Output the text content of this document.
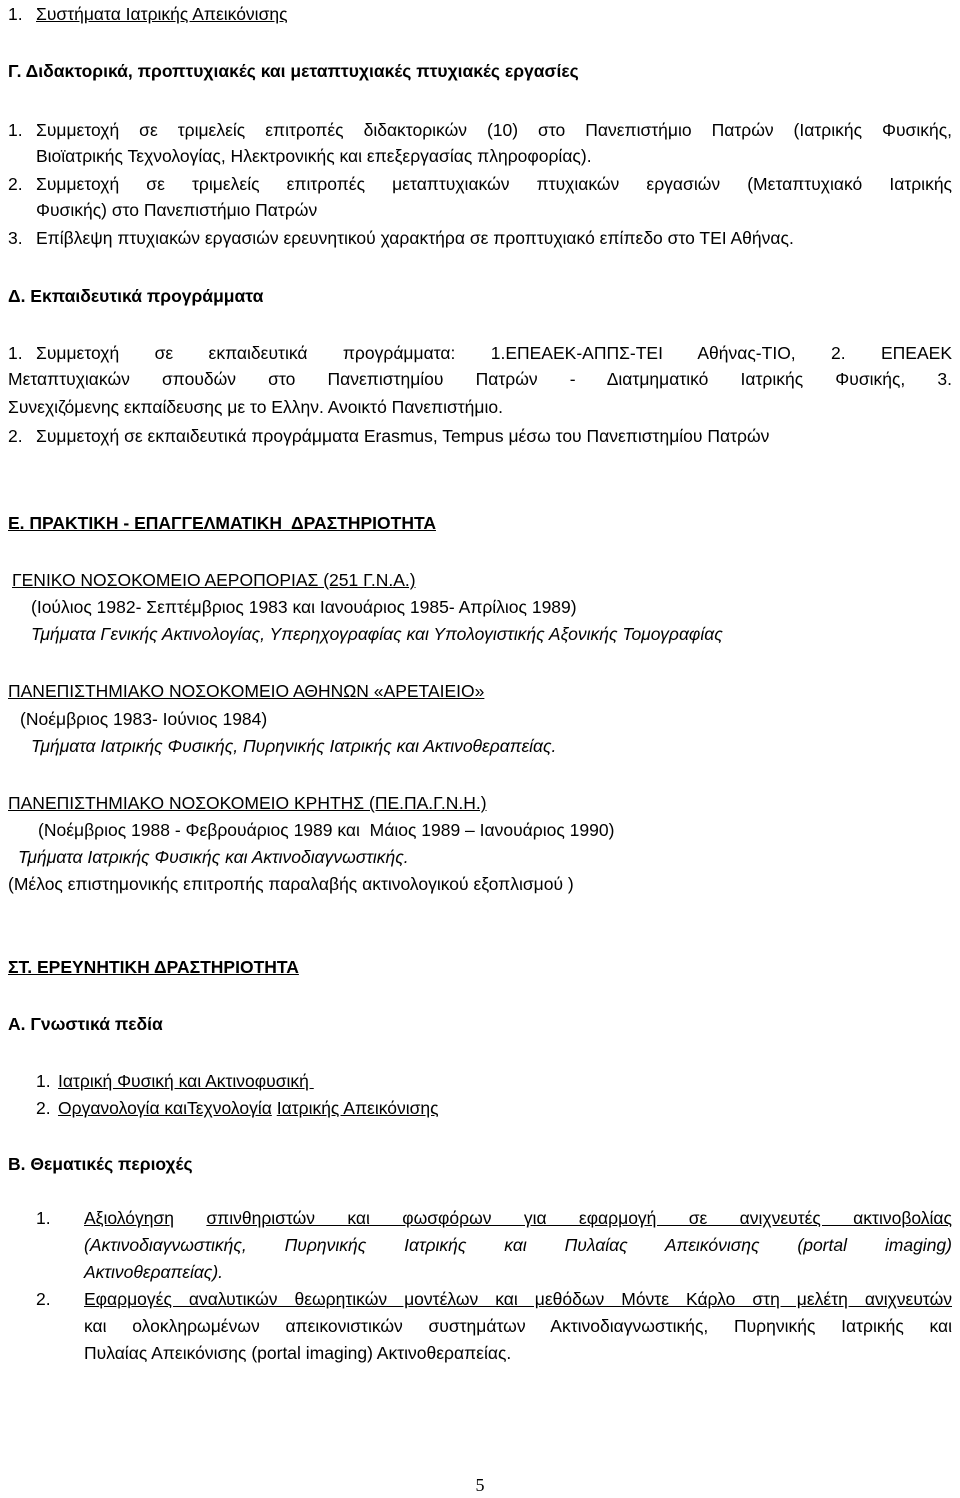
1. Συστήματα Ιατρικής Απεικόνισης
Γ. Διδακτορικά, προπτυχιακές και μεταπτυχιακές πτυχιακές εργασίες
1. Συμμετοχή σε τριμελείς επιτροπές διδακτορικών (10) στο Πανεπιστήμιο Πατρών (Ιατρικής Φυσικής,
Βιοϊατρικής Τεχνολογίας, Ηλεκτρονικής και επεξεργασίας πληροφορίας).
2. Συμμετοχή σε τριμελείς επιτροπές μεταπτυχιακών πτυχιακών εργασιών (Μεταπτυχιακό Ιατρικής
Φυσικής) στο Πανεπιστήμιο Πατρών
3. Επίβλεψη πτυχιακών εργασιών ερευνητικού χαρακτήρα σε προπτυχιακό επίπεδο στο ΤΕΙ Αθήνας.
Δ. Εκπαιδευτικά προγράμματα
1. Συμμετοχή σε εκπαιδευτικά προγράμματα: 1.ΕΠΕΑΕΚ-ΑΠΠΣ-ΤΕΙ Αθήνας-ΤΙΟ, 2. ΕΠΕΑΕΚ
Μεταπτυχιακών σπουδών στο Πανεπιστημίου Πατρών - Διατμηματικό Ιατρικής Φυσικής, 3.
Συνεχιζόμενης εκπαίδευσης με το Ελλην. Ανοικτό Πανεπιστήμιο.
2. Συμμετοχή σε εκπαιδευτικά προγράμματα Erasmus, Tempus μέσω του Πανεπιστημίου Πατρών
Ε. ΠΡΑΚΤΙΚΗ - ΕΠΑΓΓΕΛΜΑΤΙΚΗ  ΔΡΑΣΤΗΡΙΟΤΗΤΑ
ΓΕΝΙΚΟ ΝΟΣΟΚΟΜΕΙΟ ΑΕΡΟΠΟΡΙΑΣ (251 Γ.Ν.Α.)
(Ιούλιος 1982- Σεπτέμβριος 1983 και Ιανουάριος 1985- Απρίλιος 1989)
Τμήματα Γενικής Ακτινολογίας, Υπερηχογραφίας και Υπολογιστικής Αξονικής Τομογραφίας
ΠΑΝΕΠΙΣΤΗΜΙΑΚΟ ΝΟΣΟΚΟΜΕΙΟ ΑΘΗΝΩΝ «ΑΡΕΤΑΙΕΙΟ»
(Νοέμβριος 1983- Ιούνιος 1984)
Τμήματα Ιατρικής Φυσικής, Πυρηνικής Ιατρικής και Ακτινοθεραπείας.
ΠΑΝΕΠΙΣΤΗΜΙΑΚΟ ΝΟΣΟΚΟΜΕΙΟ ΚΡΗΤΗΣ (ΠΕ.ΠΑ.Γ.Ν.Η.)
(Νοέμβριος 1988 - Φεβρουάριος 1989 και  Μάιος 1989 – Ιανουάριος 1990)
Τμήματα Ιατρικής Φυσικής και Ακτινοδιαγνωστικής.
(Μέλος επιστημονικής επιτροπής παραλαβής ακτινολογικού εξοπλισμού )
ΣΤ. ΕΡΕΥΝΗΤΙΚΗ ΔΡΑΣΤΗΡΙΟΤΗΤΑ
Α. Γνωστικά πεδία
1. Ιατρική Φυσική και Ακτινοφυσική
2. Οργανολογία καιΤεχνολογία Ιατρικής Απεικόνισης
Β. Θεματικές περιοχές
1. Αξιολόγηση σπινθηριστών και φωσφόρων για εφαρμογή σε ανιχνευτές ακτινοβολίας
(Ακτινοδιαγνωστικής, Πυρηνικής Ιατρικής και Πυλαίας Απεικόνισης (portal imaging)
Ακτινοθεραπείας).
2. Εφαρμογές αναλυτικών θεωρητικών μοντέλων και μεθόδων Μόντε Κάρλο στη μελέτη ανιχνευτών
και ολοκληρωμένων απεικονιστικών συστημάτων Ακτινοδιαγνωστικής, Πυρηνικής Ιατρικής και
Πυλαίας Απεικόνισης (portal imaging) Ακτινοθεραπείας.
5
